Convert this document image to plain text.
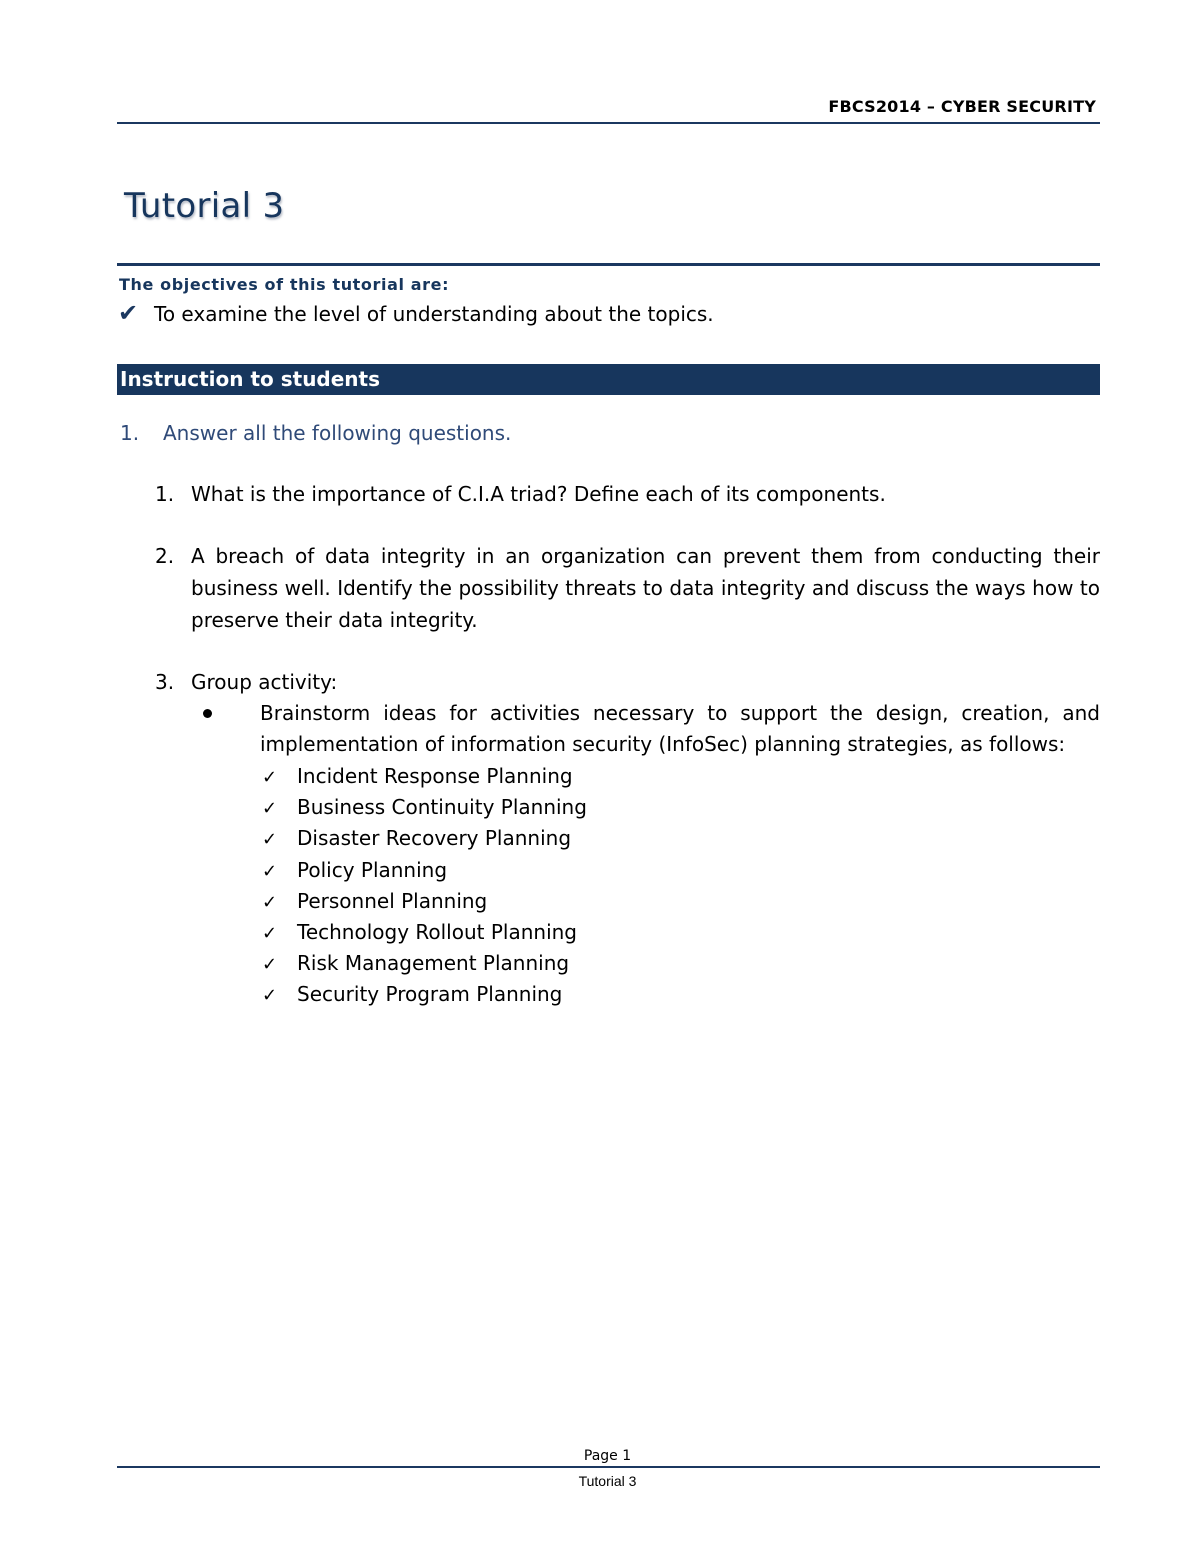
FBCS2014 – CYBER SECURITY
Tutorial 3
The objectives of this tutorial are:
✔ To examine the level of understanding about the topics.
Instruction to students
1. Answer all the following questions.
1. What is the importance of C.I.A triad? Define each of its components.
2. A breach of data integrity in an organization can prevent them from conducting their business well. Identify the possibility threats to data integrity and discuss the ways how to preserve their data integrity.
3. Group activity:
Brainstorm ideas for activities necessary to support the design, creation, and implementation of information security (InfoSec) planning strategies, as follows:
✓ Incident Response Planning
✓ Business Continuity Planning
✓ Disaster Recovery Planning
✓ Policy Planning
✓ Personnel Planning
✓ Technology Rollout Planning
✓ Risk Management Planning
✓ Security Program Planning
Page 1
Tutorial 3
